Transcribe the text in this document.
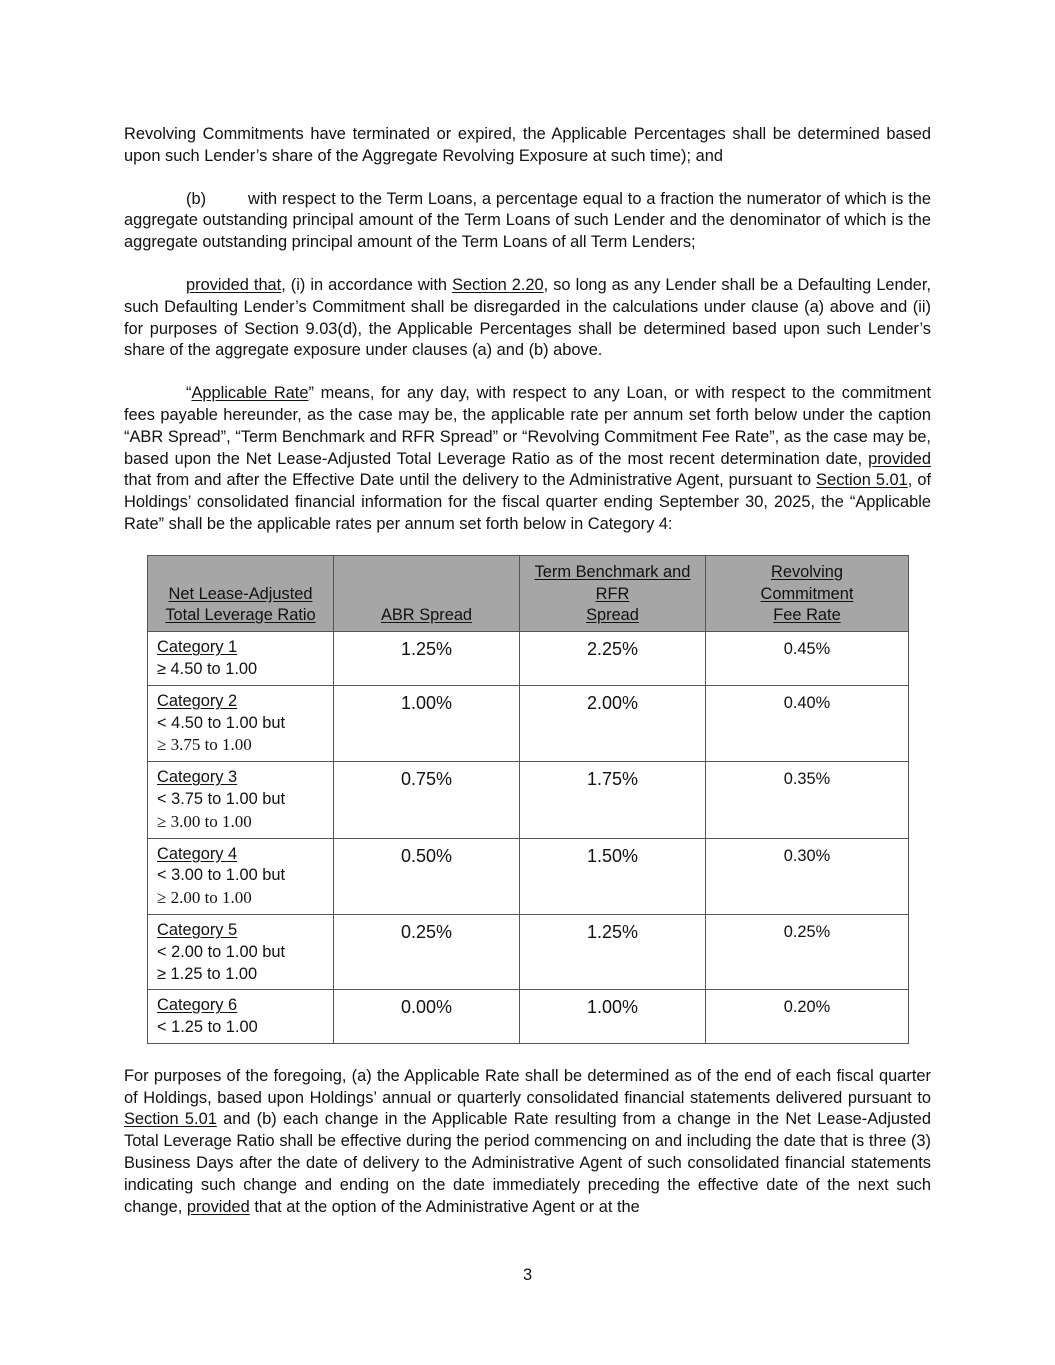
Revolving Commitments have terminated or expired, the Applicable Percentages shall be determined based upon such Lender’s share of the Aggregate Revolving Exposure at such time); and

(b)	with respect to the Term Loans, a percentage equal to a fraction the numerator of which is the aggregate outstanding principal amount of the Term Loans of such Lender and the denominator of which is the aggregate outstanding principal amount of the Term Loans of all Term Lenders;

provided that, (i) in accordance with Section 2.20, so long as any Lender shall be a Defaulting Lender, such Defaulting Lender’s Commitment shall be disregarded in the calculations under clause (a) above and (ii) for purposes of Section 9.03(d), the Applicable Percentages shall be determined based upon such Lender’s share of the aggregate exposure under clauses (a) and (b) above.

“Applicable Rate” means, for any day, with respect to any Loan, or with respect to the commitment fees payable hereunder, as the case may be, the applicable rate per annum set forth below under the caption “ABR Spread”, “Term Benchmark and RFR Spread” or “Revolving Commitment Fee Rate”, as the case may be, based upon the Net Lease-Adjusted Total Leverage Ratio as of the most recent determination date, provided that from and after the Effective Date until the delivery to the Administrative Agent, pursuant to Section 5.01, of Holdings’ consolidated financial information for the fiscal quarter ending September 30, 2025, the “Applicable Rate” shall be the applicable rates per annum set forth below in Category 4:

Net Lease-Adjusted
Total Leverage Ratio	ABR Spread	Term Benchmark and
RFR
Spread	Revolving
Commitment
Fee Rate
Category 1
≥ 4.50 to 1.00	1.25%	2.25%	0.45%
Category 2
< 4.50 to 1.00 but
≥ 3.75 to 1.00	1.00%	2.00%	0.40%
Category 3
< 3.75 to 1.00 but
≥ 3.00 to 1.00	0.75%	1.75%	0.35%
Category 4
< 3.00 to 1.00 but
≥ 2.00 to 1.00	0.50%	1.50%	0.30%
Category 5
< 2.00 to 1.00 but
≥ 1.25 to 1.00	0.25%	1.25%	0.25%
Category 6
< 1.25 to 1.00	0.00%	1.00%	0.20%

For purposes of the foregoing, (a) the Applicable Rate shall be determined as of the end of each fiscal quarter of Holdings, based upon Holdings’ annual or quarterly consolidated financial statements delivered pursuant to Section 5.01 and (b) each change in the Applicable Rate resulting from a change in the Net Lease-Adjusted Total Leverage Ratio shall be effective during the period commencing on and including the date that is three (3) Business Days after the date of delivery to the Administrative Agent of such consolidated financial statements indicating such change and ending on the date immediately preceding the effective date of the next such change, provided that at the option of the Administrative Agent or at the

3
